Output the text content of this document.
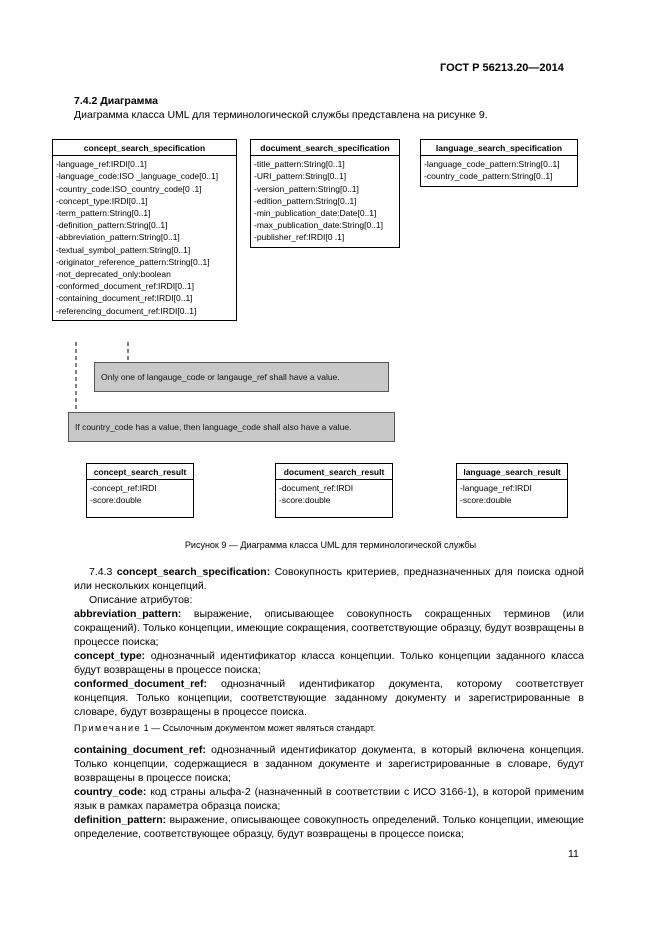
ГОСТ Р 56213.20—2014
7.4.2 Диаграмма
Диаграмма класса UML для терминологической службы представлена на рисунке 9.
concept_search_specification
-language_ref:IRDI[0..1]
-language_code:ISO _language_code[0..1]
-country_code:ISO_country_code[0 .1]
-concept_type:IRDI[0..1]
-term_pattern:String[0..1]
-definition_pattern:String[0..1]
-abbreviation_pattern:String[0..1]
-textual_symbol_pattern:String[0..1]
-originator_reference_pattern:String[0..1]
-not_deprecated_only:boolean
-conformed_document_ref:IRDI[0..1]
-containing_document_ref:IRDI[0..1]
-referencing_document_ref:IRDI[0..1]
document_search_specification
-title_pattern:String[0..1]
-URI_pattern:String[0..1]
-version_pattern:String[0..1]
-edition_pattern:String[0..1]
-min_publication_date:Date[0..1]
-max_publication_date:String[0..1]
-publisher_ref:IRDI[0 .1]
language_search_specification
-language_code_pattern:String[0..1]
-country_code_pattern:String[0..1]
Only one of langauge_code or langauge_ref shall have a value.
If country_code has a value, then language_code shall also have a value.
concept_search_result
-concept_ref:IRDI
-score:double
document_search_result
-document_ref:IRDI
-score:double
language_search_result
-language_ref:IRDI
-score:double
Рисунок 9 — Диаграмма класса UML для терминологической службы

7.4.3 concept_search_specification: Совокупность критериев, предназначенных для поиска одной или нескольких концепций.

Описание атрибутов:

abbreviation_pattern: выражение, описывающее совокупность сокращенных терминов (или сокращений). Только концепции, имеющие сокращения, соответствующие образцу, будут возвращены в процессе поиска;

concept_type: однозначный идентификатор класса концепции. Только концепции заданного класса будут возвращены в процессе поиска;

conformed_document_ref: однозначный идентификатор документа, которому соответствует концепция. Только концепции, соответствующие заданному документу и зарегистрированные в словаре, будут возвращены в процессе поиска.

Примечание 1 — Ссылочным документом может являться стандарт.

containing_document_ref: однозначный идентификатор документа, в который включена концепция. Только концепции, содержащиеся в заданном документе и зарегистрированные в словаре, будут возвращены в процессе поиска;

country_code: код страны альфа-2 (назначенный в соответствии с ИСО 3166-1), в которой применим язык в рамках параметра образца поиска;

definition_pattern: выражение, описывающее совокупность определений. Только концепции, имеющие определение, соответствующее образцу, будут возвращены в процессе поиска;

11
